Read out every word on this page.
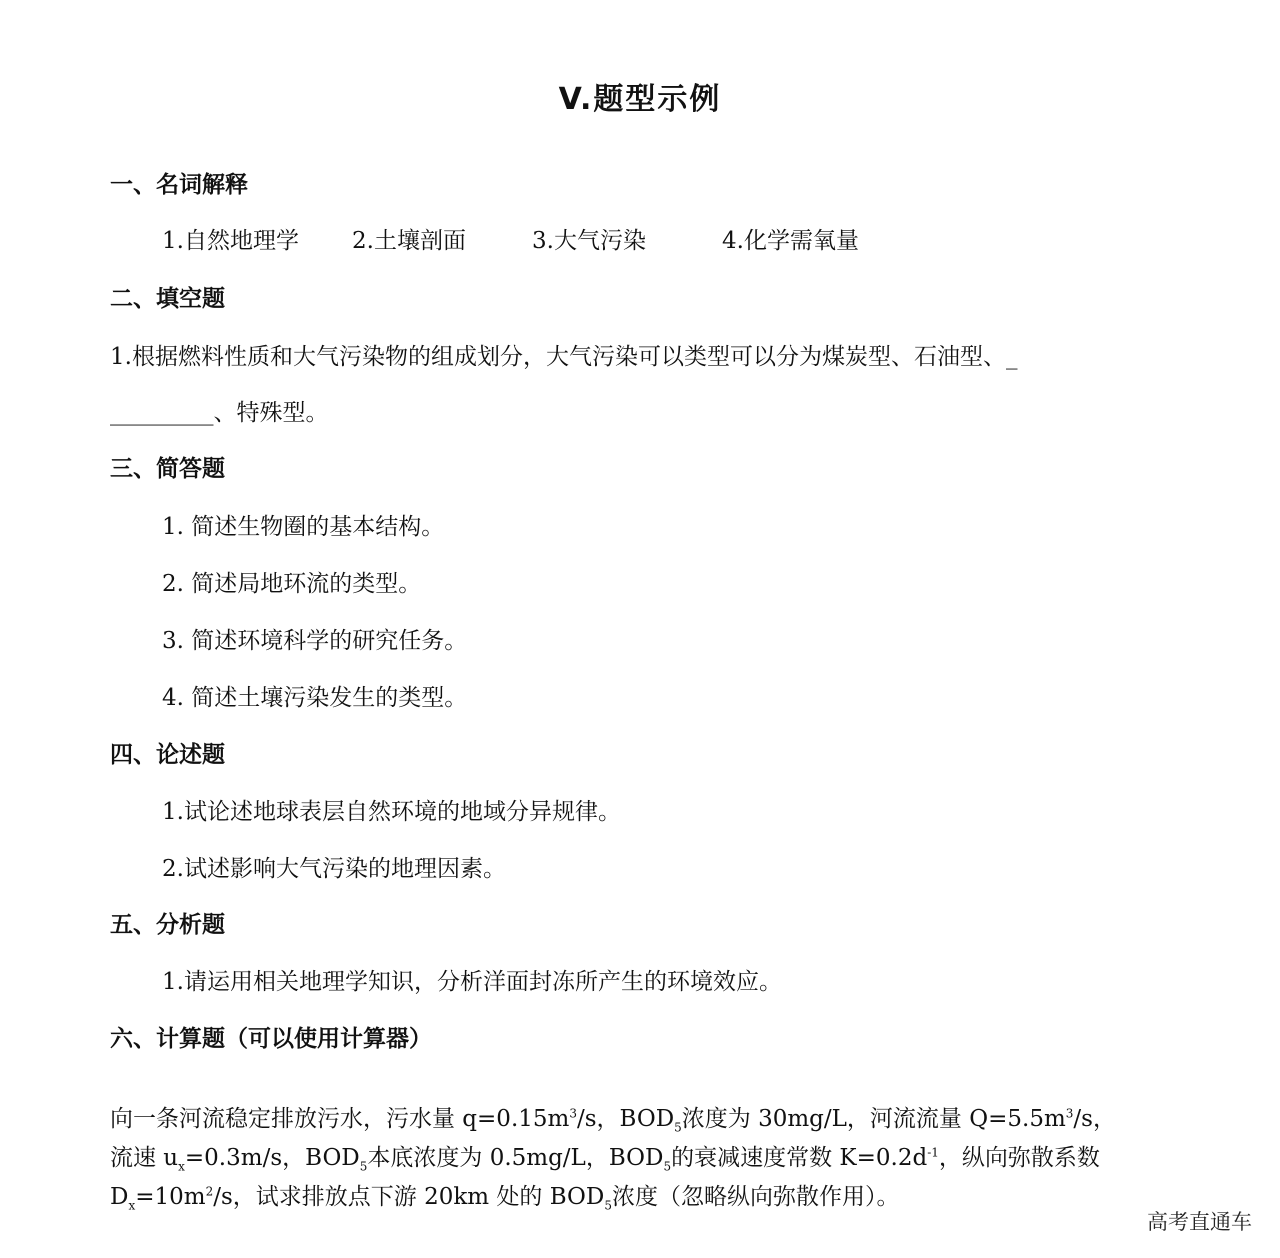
V.题型示例
一、名词解释
1.自然地理学 2.土壤剖面	3.大气污染	4.化学需氧量
二、填空题
1.根据燃料性质和大气污染物的组成划分，大气污染可以类型可以分为煤炭型、石油型、_
_________、特殊型。
三、简答题
1. 简述生物圈的基本结构。
2. 简述局地环流的类型。
3. 简述环境科学的研究任务。
4. 简述土壤污染发生的类型。
四、论述题
1.试论述地球表层自然环境的地域分异规律。
2.试述影响大气污染的地理因素。
五、分析题
1.请运用相关地理学知识，分析洋面封冻所产生的环境效应。
六、计算题（可以使用计算器）
向一条河流稳定排放污水，污水量 $q=0.15m^3/s$，$BOD_5$浓度为 30mg/L，河流流量 $Q=5.5m^3/s$，
流速 $u_x=0.3m/s$，$BOD_5$本底浓度为 0.5mg/L，$BOD_5$的衰减速度常数 $K=0.2d^{-1}$，纵向弥散系数
$D_x=10m^2/s$，试求排放点下游 20km 处的 $BOD_5$浓度（忽略纵向弥散作用）。
高考直通车
